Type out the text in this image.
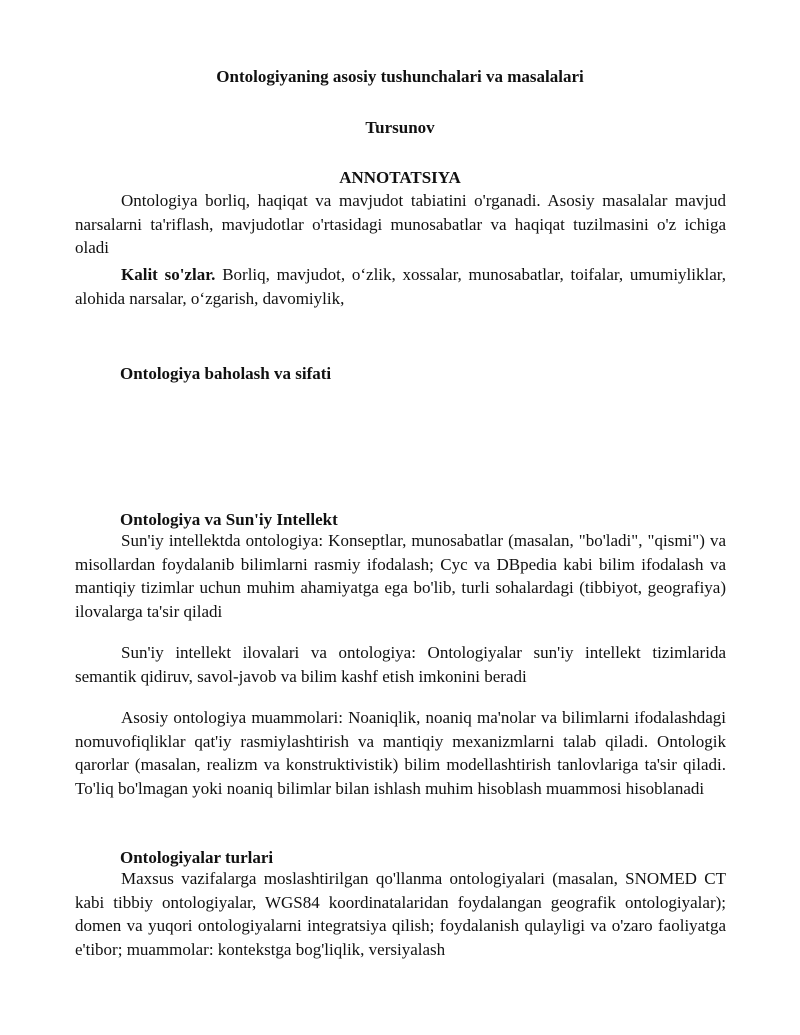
Ontologiyaning asosiy tushunchalari va masalalari
Tursunov
ANNOTATSIYA

Ontologiya borliq, haqiqat va mavjudot tabiatini o'rganadi. Asosiy masalalar mavjud narsalarni ta'riflash, mavjudotlar o'rtasidagi munosabatlar va haqiqat tuzilmasini o'z ichiga oladi

Kalit so'zlar. Borliq, mavjudot, o‘zlik, xossalar, munosabatlar, toifalar, umumiyliklar, alohida narsalar, o‘zgarish, davomiylik,

Ontologiya baholash va sifati
Ontologiya va Sun'iy Intellekt

Sun'iy intellektda ontologiya: Konseptlar, munosabatlar (masalan, "bo'ladi", "qismi") va misollardan foydalanib bilimlarni rasmiy ifodalash; Cyc va DBpedia kabi bilim ifodalash va mantiqiy tizimlar uchun muhim ahamiyatga ega bo'lib, turli sohalardagi (tibbiyot, geografiya) ilovalarga ta'sir qiladi

Sun'iy intellekt ilovalari va ontologiya: Ontologiyalar sun'iy intellekt tizimlarida semantik qidiruv, savol-javob va bilim kashf etish imkonini beradi

Asosiy ontologiya muammolari: Noaniqlik, noaniq ma'nolar va bilimlarni ifodalashdagi nomuvofiqliklar qat'iy rasmiylashtirish va mantiqiy mexanizmlarni talab qiladi. Ontologik qarorlar (masalan, realizm va konstruktivistik) bilim modellashtirish tanlovlariga ta'sir qiladi. To'liq bo'lmagan yoki noaniq bilimlar bilan ishlash muhim hisoblash muammosi hisoblanadi

Ontologiyalar turlari

Maxsus vazifalarga moslashtirilgan qo'llanma ontologiyalari (masalan, SNOMED CT kabi tibbiy ontologiyalar, WGS84 koordinatalaridan foydalangan geografik ontologiyalar); domen va yuqori ontologiyalarni integratsiya qilish; foydalanish qulayligi va o'zaro faoliyatga e'tibor; muammolar: kontekstga bog'liqlik, versiyalash
